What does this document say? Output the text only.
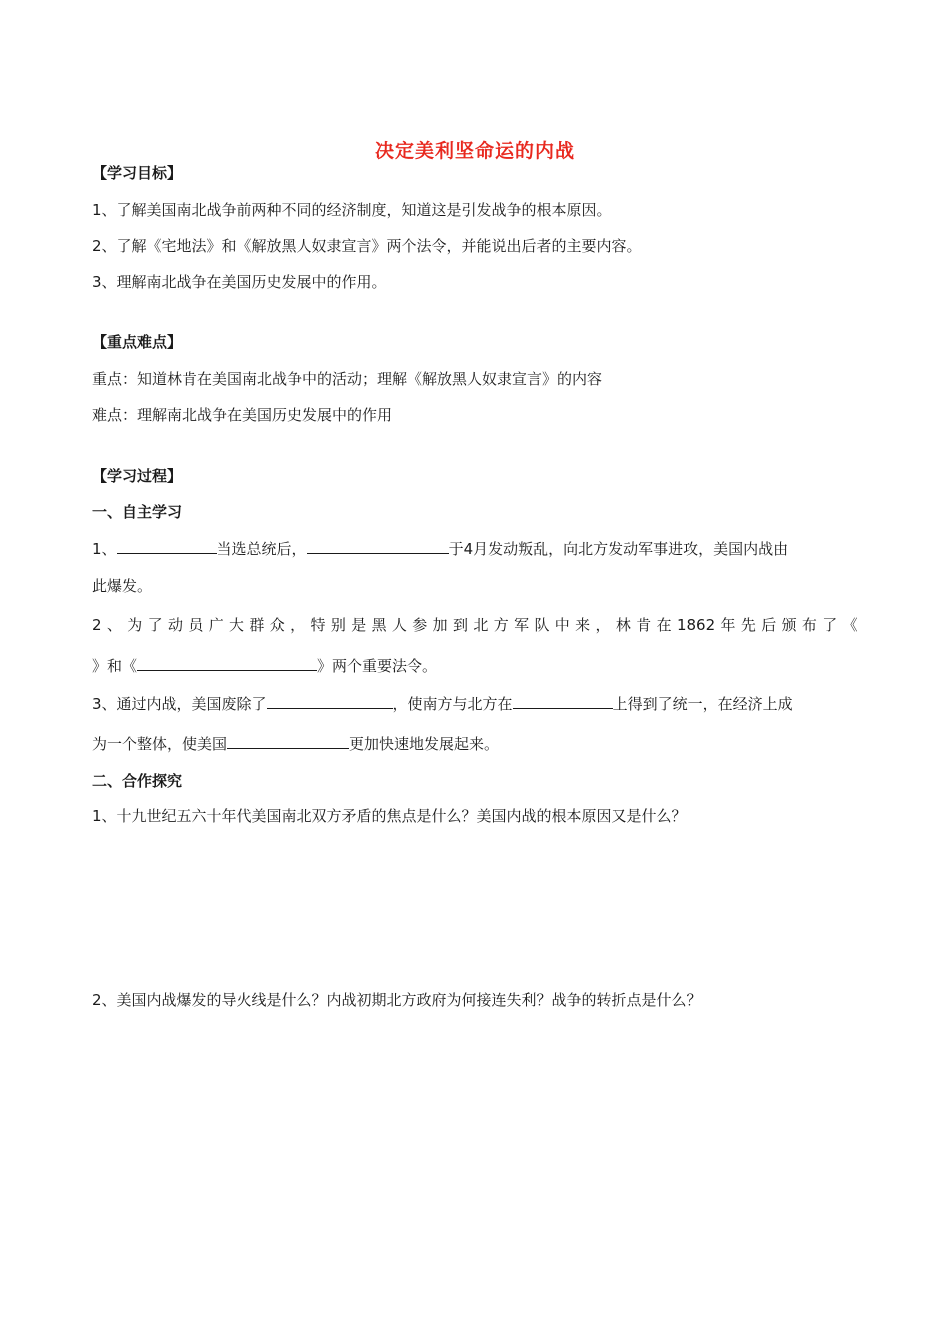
决定美利坚命运的内战
【学习目标】
1、了解美国南北战争前两种不同的经济制度，知道这是引发战争的根本原因。
2、了解《宅地法》和《解放黑人奴隶宣言》两个法令，并能说出后者的主要内容。
3、理解南北战争在美国历史发展中的作用。
【重点难点】
重点：知道林肯在美国南北战争中的活动；理解《解放黑人奴隶宣言》的内容
难点：理解南北战争在美国历史发展中的作用
【学习过程】
一、自主学习
1、	当选总统后，	于4月发动叛乱，向北方发动军事进攻，美国内战由
此爆发。
2 、 为 了 动 员 广 大 群 众 ， 特 别 是 黑 人 参 加 到 北 方 军 队 中 来 ， 林 肯 在 1862 年 先 后 颁 布 了 《
》和《	》两个重要法令。
3、通过内战，美国废除了	，使南方与北方在	上得到了统一，在经济上成
为一个整体，使美国	更加快速地发展起来。
二、合作探究
1、十九世纪五六十年代美国南北双方矛盾的焦点是什么？美国内战的根本原因又是什么？
2、美国内战爆发的导火线是什么？内战初期北方政府为何接连失利？战争的转折点是什么？
